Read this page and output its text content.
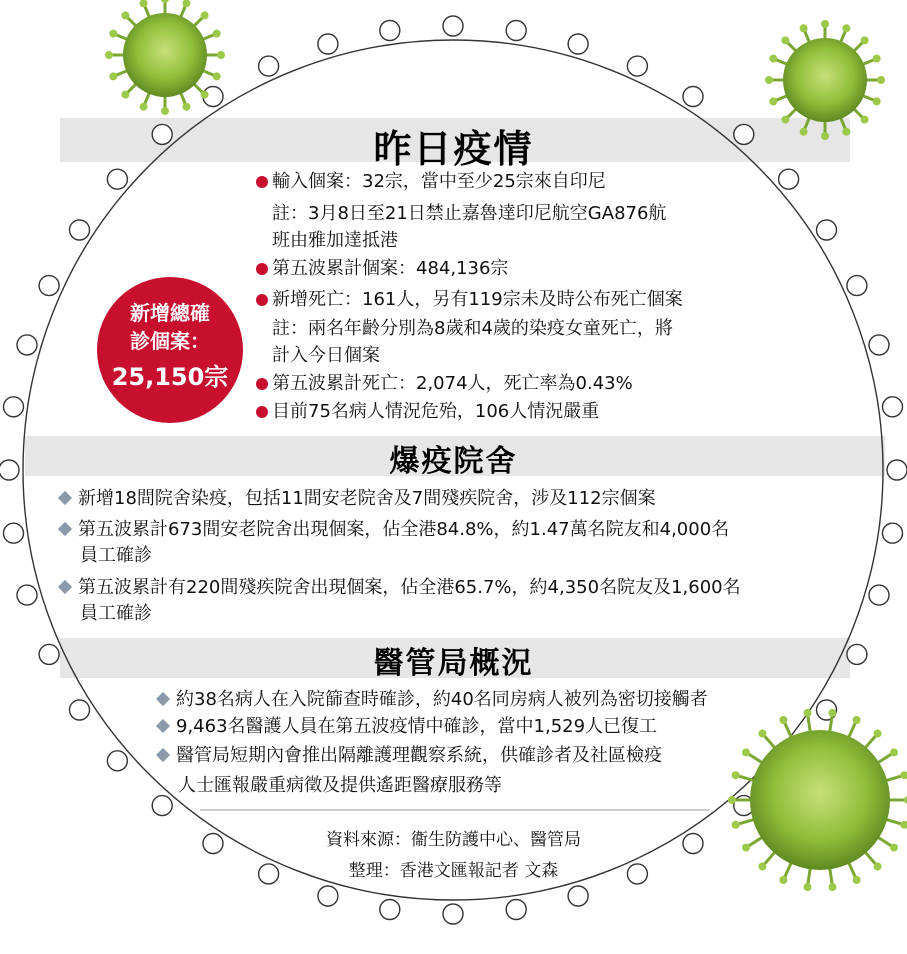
昨日疫情
新增總確
診個案：
25,150宗
輸入個案：32宗，當中至少25宗來自印尼
註：3月8日至21日禁止嘉魯達印尼航空GA876航
班由雅加達抵港
第五波累計個案：484,136宗
新增死亡：161人，另有119宗未及時公布死亡個案
註：兩名年齡分別為8歲和4歲的染疫女童死亡，將
計入今日個案
第五波累計死亡：2,074人，死亡率為0.43%
目前75名病人情況危殆，106人情況嚴重
爆疫院舍
新增18間院舍染疫，包括11間安老院舍及7間殘疾院舍，涉及112宗個案
第五波累計673間安老院舍出現個案，佔全港84.8%，約1.47萬名院友和4,000名
員工確診
第五波累計有220間殘疾院舍出現個案，佔全港65.7%，約4,350名院友及1,600名
員工確診
醫管局概況
約38名病人在入院篩查時確診，約40名同房病人被列為密切接觸者
9,463名醫護人員在第五波疫情中確診，當中1,529人已復工
醫管局短期內會推出隔離護理觀察系統，供確診者及社區檢疫
人士匯報嚴重病徵及提供遙距醫療服務等
資料來源：衞生防護中心、醫管局
整理：香港文匯報記者 文森
